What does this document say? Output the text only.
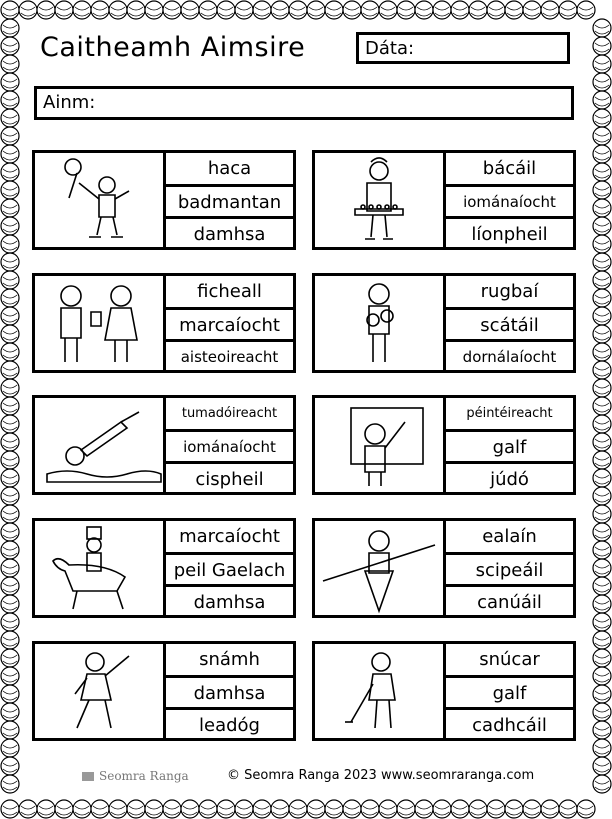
Caitheamh Aimsire	Dáta:
Ainm:
haca
badmantan
damhsa
bácáil
iománaíocht
líonpheil
ficheall
marcaíocht
aisteoireacht
rugbaí
scátáil
dornálaíocht
tumadóireacht
iománaíocht
cispheil
péintéireacht
galf
júdó
marcaíocht
peil Gaelach
damhsa
ealaín
scipeáil
canúáil
snámh
damhsa
leadóg
snúcar
galf
cadhcáil
Seomra Ranga	© Seomra Ranga 2023 www.seomraranga.com
